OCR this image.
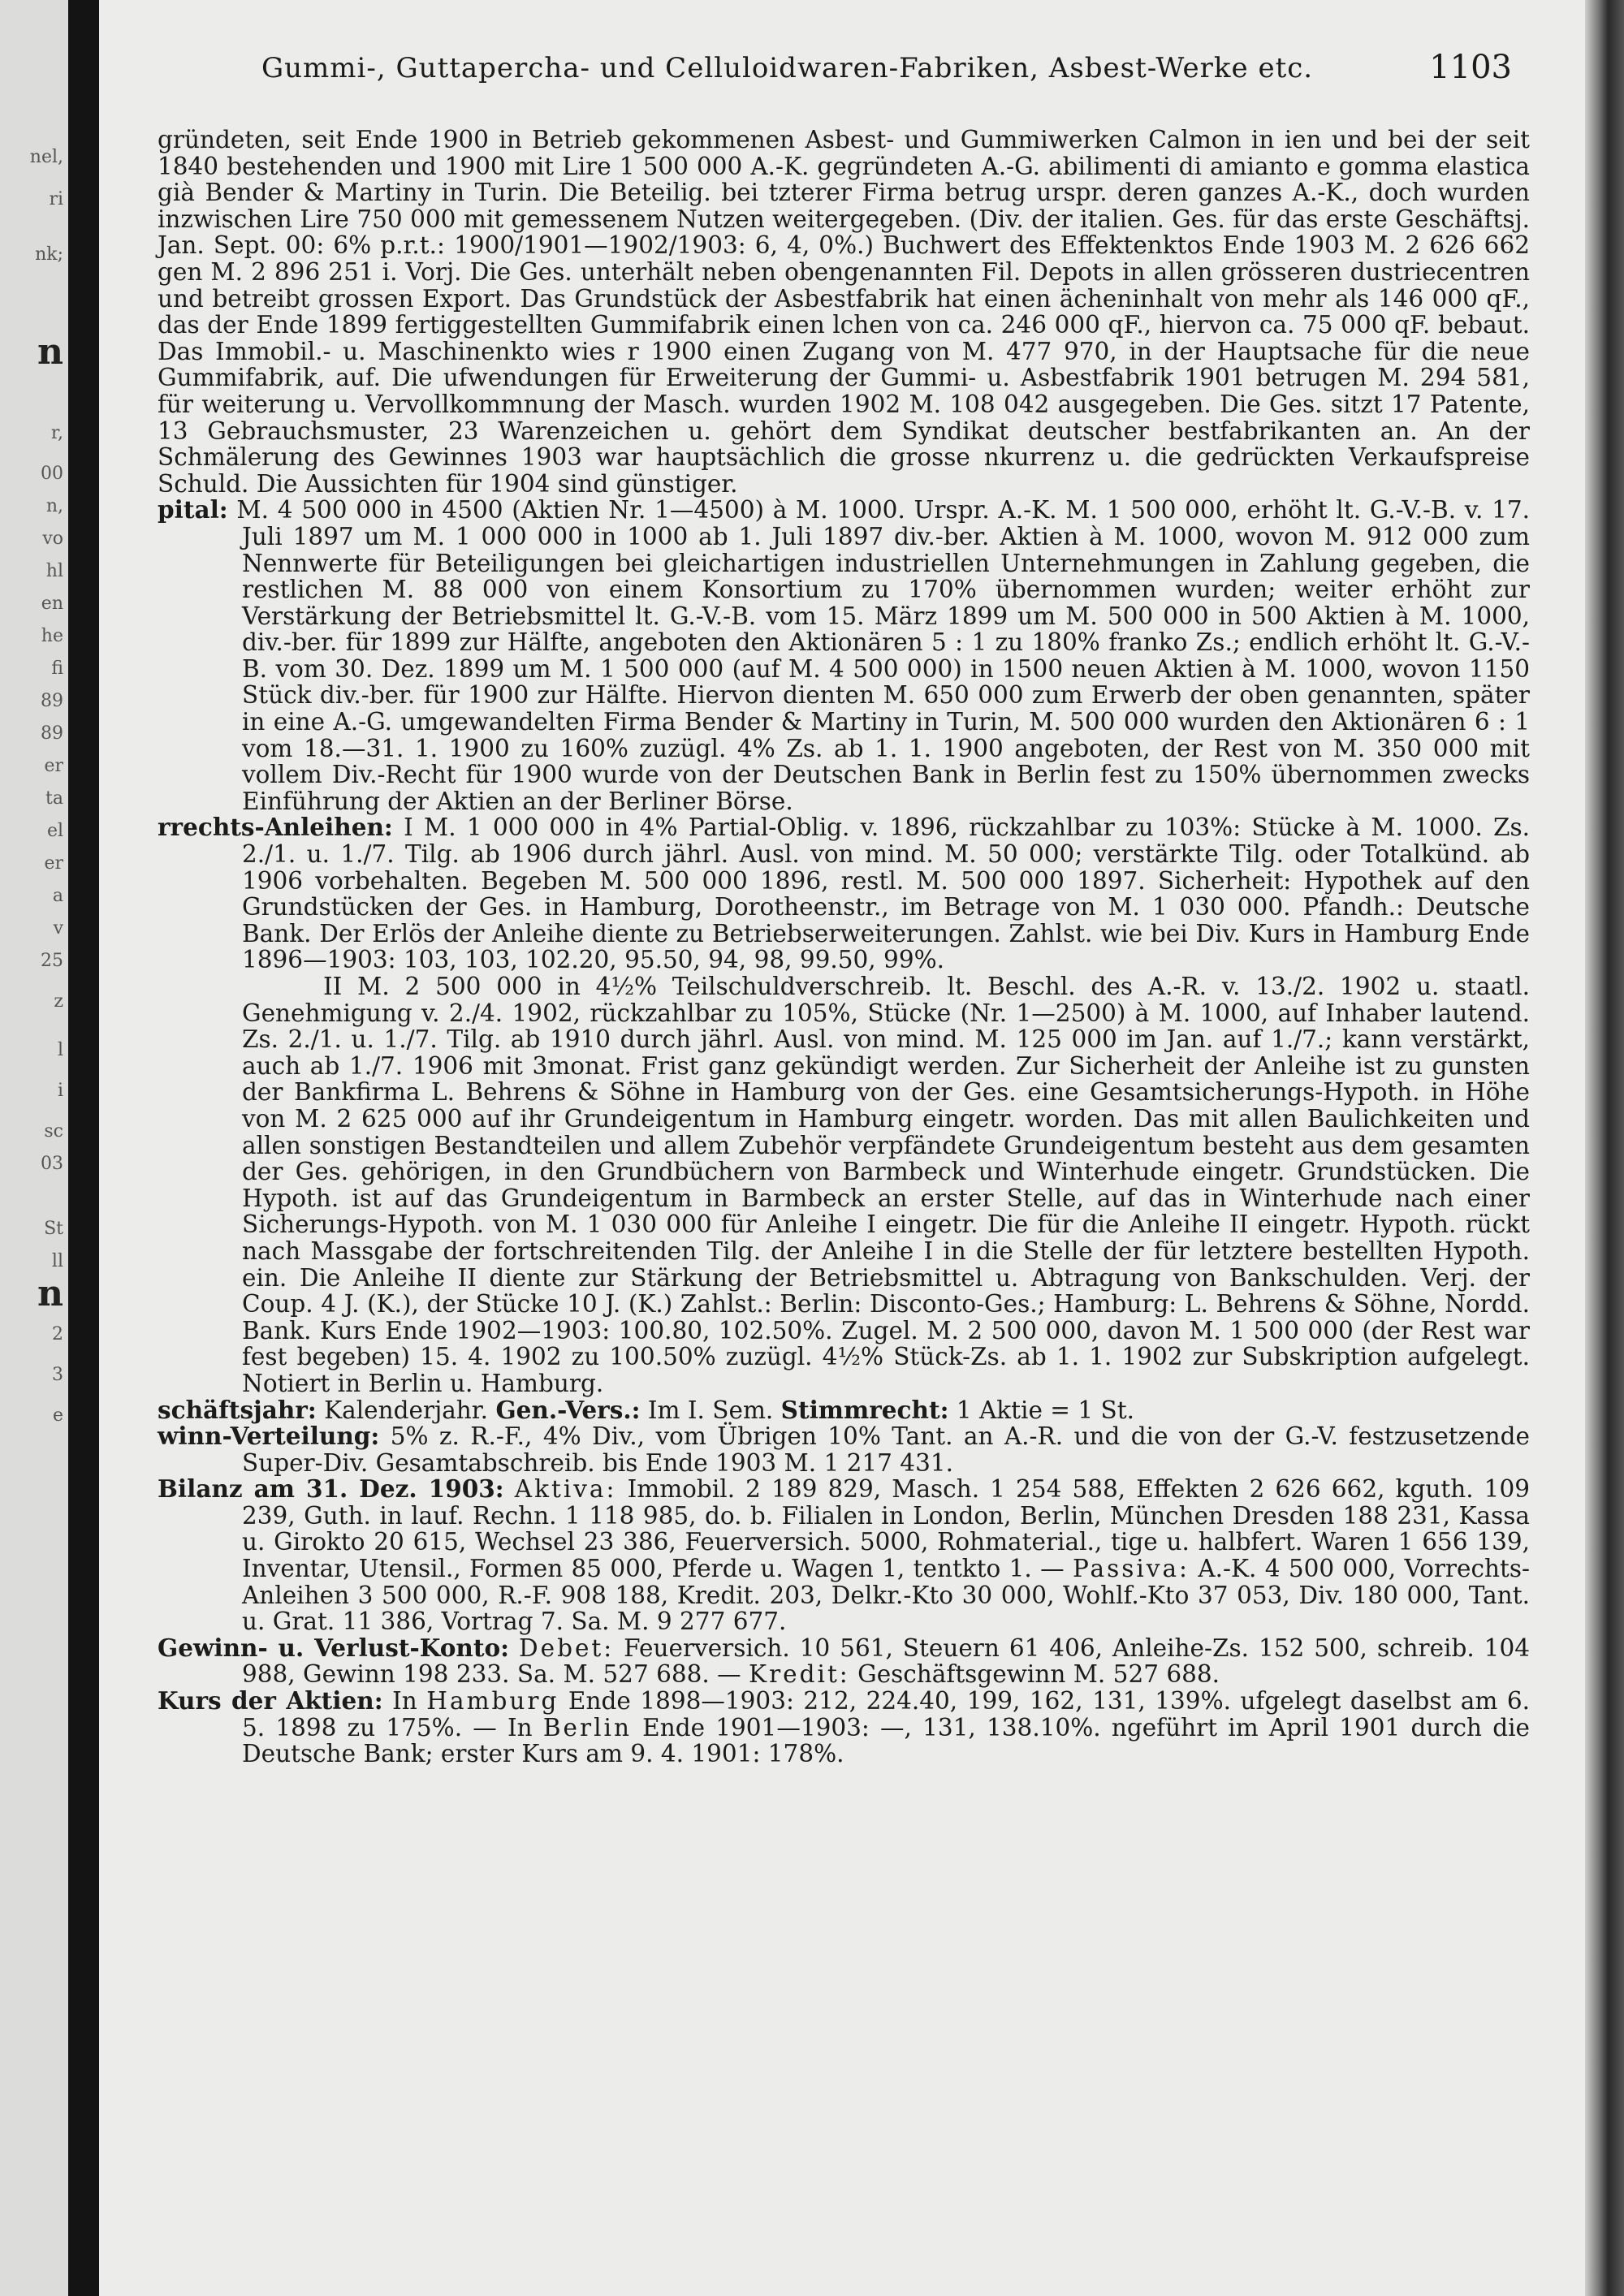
nel,
ri
nk;
n
r,
00
n,
vo
hl
en
he
fi
89
89
er
ta
el
er
a
v
25
z
l
i
sc
03
St
ll
n
2
3
e
Gummi-, Guttapercha- und Celluloidwaren-Fabriken, Asbest-Werke etc.	1103

gründeten, seit Ende 1900 in Betrieb gekommenen Asbest- und Gummiwerken Calmon in ien und bei der seit 1840 bestehenden und 1900 mit Lire 1 500 000 A.-K. gegründeten A.-G. abilimenti di amianto e gomma elastica già Bender & Martiny in Turin. Die Beteilig. bei tzterer Firma betrug urspr. deren ganzes A.-K., doch wurden inzwischen Lire 750 000 mit gemessenem Nutzen weitergegeben. (Div. der italien. Ges. für das erste Geschäftsj. Jan. Sept. 00: 6% p.r.t.: 1900/1901—1902/1903: 6, 4, 0%.) Buchwert des Effektenktos Ende 1903 M. 2 626 662 gen M. 2 896 251 i. Vorj. Die Ges. unterhält neben obengenannten Fil. Depots in allen grösseren dustriecentren und betreibt grossen Export. Das Grundstück der Asbestfabrik hat einen ächeninhalt von mehr als 146 000 qF., das der Ende 1899 fertiggestellten Gummifabrik einen lchen von ca. 246 000 qF., hiervon ca. 75 000 qF. bebaut. Das Immobil.- u. Maschinenkto wies r 1900 einen Zugang von M. 477 970, in der Hauptsache für die neue Gummifabrik, auf. Die ufwendungen für Erweiterung der Gummi- u. Asbestfabrik 1901 betrugen M. 294 581, für weiterung u. Vervollkommnung der Masch. wurden 1902 M. 108 042 ausgegeben. Die Ges. sitzt 17 Patente, 13 Gebrauchsmuster, 23 Warenzeichen u. gehört dem Syndikat deutscher bestfabrikanten an. An der Schmälerung des Gewinnes 1903 war hauptsächlich die grosse nkurrenz u. die gedrückten Verkaufspreise Schuld. Die Aussichten für 1904 sind günstiger.

pital: M. 4 500 000 in 4500 (Aktien Nr. 1—4500) à M. 1000. Urspr. A.-K. M. 1 500 000, erhöht lt. G.-V.-B. v. 17. Juli 1897 um M. 1 000 000 in 1000 ab 1. Juli 1897 div.-ber. Aktien à M. 1000, wovon M. 912 000 zum Nennwerte für Beteiligungen bei gleichartigen industriellen Unternehmungen in Zahlung gegeben, die restlichen M. 88 000 von einem Konsortium zu 170% übernommen wurden; weiter erhöht zur Verstärkung der Betriebsmittel lt. G.-V.-B. vom 15. März 1899 um M. 500 000 in 500 Aktien à M. 1000, div.-ber. für 1899 zur Hälfte, angeboten den Aktionären 5 : 1 zu 180% franko Zs.; endlich erhöht lt. G.-V.-B. vom 30. Dez. 1899 um M. 1 500 000 (auf M. 4 500 000) in 1500 neuen Aktien à M. 1000, wovon 1150 Stück div.-ber. für 1900 zur Hälfte. Hiervon dienten M. 650 000 zum Erwerb der oben genannten, später in eine A.-G. umgewandelten Firma Bender & Martiny in Turin, M. 500 000 wurden den Aktionären 6 : 1 vom 18.—31. 1. 1900 zu 160% zuzügl. 4% Zs. ab 1. 1. 1900 angeboten, der Rest von M. 350 000 mit vollem Div.-Recht für 1900 wurde von der Deutschen Bank in Berlin fest zu 150% übernommen zwecks Einführung der Aktien an der Berliner Börse.

rrechts-Anleihen: I M. 1 000 000 in 4% Partial-Oblig. v. 1896, rückzahlbar zu 103%: Stücke à M. 1000. Zs. 2./1. u. 1./7. Tilg. ab 1906 durch jährl. Ausl. von mind. M. 50 000; verstärkte Tilg. oder Totalkünd. ab 1906 vorbehalten. Begeben M. 500 000 1896, restl. M. 500 000 1897. Sicherheit: Hypothek auf den Grundstücken der Ges. in Hamburg, Dorotheenstr., im Betrage von M. 1 030 000. Pfandh.: Deutsche Bank. Der Erlös der Anleihe diente zu Betriebserweiterungen. Zahlst. wie bei Div. Kurs in Hamburg Ende 1896—1903: 103, 103, 102.20, 95.50, 94, 98, 99.50, 99%.

II M. 2 500 000 in 4½% Teilschuldverschreib. lt. Beschl. des A.-R. v. 13./2. 1902 u. staatl. Genehmigung v. 2./4. 1902, rückzahlbar zu 105%, Stücke (Nr. 1—2500) à M. 1000, auf Inhaber lautend. Zs. 2./1. u. 1./7. Tilg. ab 1910 durch jährl. Ausl. von mind. M. 125 000 im Jan. auf 1./7.; kann verstärkt, auch ab 1./7. 1906 mit 3monat. Frist ganz gekündigt werden. Zur Sicherheit der Anleihe ist zu gunsten der Bankfirma L. Behrens & Söhne in Hamburg von der Ges. eine Gesamtsicherungs-Hypoth. in Höhe von M. 2 625 000 auf ihr Grundeigentum in Hamburg eingetr. worden. Das mit allen Baulichkeiten und allen sonstigen Bestandteilen und allem Zubehör verpfändete Grundeigentum besteht aus dem gesamten der Ges. gehörigen, in den Grundbüchern von Barmbeck und Winterhude eingetr. Grundstücken. Die Hypoth. ist auf das Grundeigentum in Barmbeck an erster Stelle, auf das in Winterhude nach einer Sicherungs-Hypoth. von M. 1 030 000 für Anleihe I eingetr. Die für die Anleihe II eingetr. Hypoth. rückt nach Massgabe der fortschreitenden Tilg. der Anleihe I in die Stelle der für letztere bestellten Hypoth. ein. Die Anleihe II diente zur Stärkung der Betriebsmittel u. Abtragung von Bankschulden. Verj. der Coup. 4 J. (K.), der Stücke 10 J. (K.) Zahlst.: Berlin: Disconto-Ges.; Hamburg: L. Behrens & Söhne, Nordd. Bank. Kurs Ende 1902—1903: 100.80, 102.50%. Zugel. M. 2 500 000, davon M. 1 500 000 (der Rest war fest begeben) 15. 4. 1902 zu 100.50% zuzügl. 4½% Stück-Zs. ab 1. 1. 1902 zur Subskription aufgelegt. Notiert in Berlin u. Hamburg.

schäftsjahr: Kalenderjahr. Gen.-Vers.: Im I. Sem. Stimmrecht: 1 Aktie = 1 St.

winn-Verteilung: 5% z. R.-F., 4% Div., vom Übrigen 10% Tant. an A.-R. und die von der G.-V. festzusetzende Super-Div. Gesamtabschreib. bis Ende 1903 M. 1 217 431.

Bilanz am 31. Dez. 1903: Aktiva: Immobil. 2 189 829, Masch. 1 254 588, Effekten 2 626 662, kguth. 109 239, Guth. in lauf. Rechn. 1 118 985, do. b. Filialen in London, Berlin, München Dresden 188 231, Kassa u. Girokto 20 615, Wechsel 23 386, Feuerversich. 5000, Rohmaterial., tige u. halbfert. Waren 1 656 139, Inventar, Utensil., Formen 85 000, Pferde u. Wagen 1, tentkto 1. — Passiva: A.-K. 4 500 000, Vorrechts-Anleihen 3 500 000, R.-F. 908 188, Kredit. 203, Delkr.-Kto 30 000, Wohlf.-Kto 37 053, Div. 180 000, Tant. u. Grat. 11 386, Vortrag 7. Sa. M. 9 277 677.

Gewinn- u. Verlust-Konto: Debet: Feuerversich. 10 561, Steuern 61 406, Anleihe-Zs. 152 500, schreib. 104 988, Gewinn 198 233. Sa. M. 527 688. — Kredit: Geschäftsgewinn M. 527 688.

Kurs der Aktien: In Hamburg Ende 1898—1903: 212, 224.40, 199, 162, 131, 139%. ufgelegt daselbst am 6. 5. 1898 zu 175%. — In Berlin Ende 1901—1903: —, 131, 138.10%. ngeführt im April 1901 durch die Deutsche Bank; erster Kurs am 9. 4. 1901: 178%.
